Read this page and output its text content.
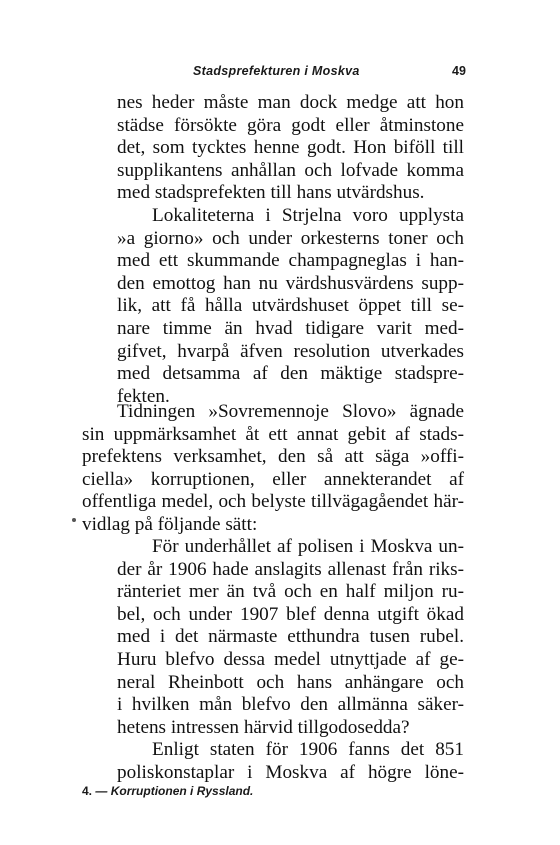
Stadsprefekturen i Moskva	49
nes heder måste man dock medge att hon
städse försökte göra godt eller åtminstone
det, som tycktes henne godt. Hon biföll till
supplikantens anhållan och lofvade komma
med stadsprefekten till hans utvärdshus.
Lokaliteterna i Strjelna voro upplysta
»a giorno» och under orkesterns toner och
med ett skummande champagneglas i han-
den emottog han nu värdshusvärdens supp-
lik, att få hålla utvärdshuset öppet till se-
nare timme än hvad tidigare varit med-
gifvet, hvarpå äfven resolution utverkades
med detsamma af den mäktige stadspre-
fekten.
Tidningen »Sovremennoje Slovo» ägnade
sin uppmärksamhet åt ett annat gebit af stads-
prefektens verksamhet, den så att säga »offi-
ciella» korruptionen, eller annekterandet af
offentliga medel, och belyste tillvägagåendet här-
vidlag på följande sätt:
För underhållet af polisen i Moskva un-
der år 1906 hade anslagits allenast från riks-
ränteriet mer än två och en half miljon ru-
bel, och under 1907 blef denna utgift ökad
med i det närmaste etthundra tusen rubel.
Huru blefvo dessa medel utnyttjade af ge-
neral Rheinbott och hans anhängare och
i hvilken mån blefvo den allmänna säker-
hetens intressen härvid tillgodosedda?
Enligt staten för 1906 fanns det 851
poliskonstaplar i Moskva af högre löne-
4. — Korruptionen i Ryssland.
